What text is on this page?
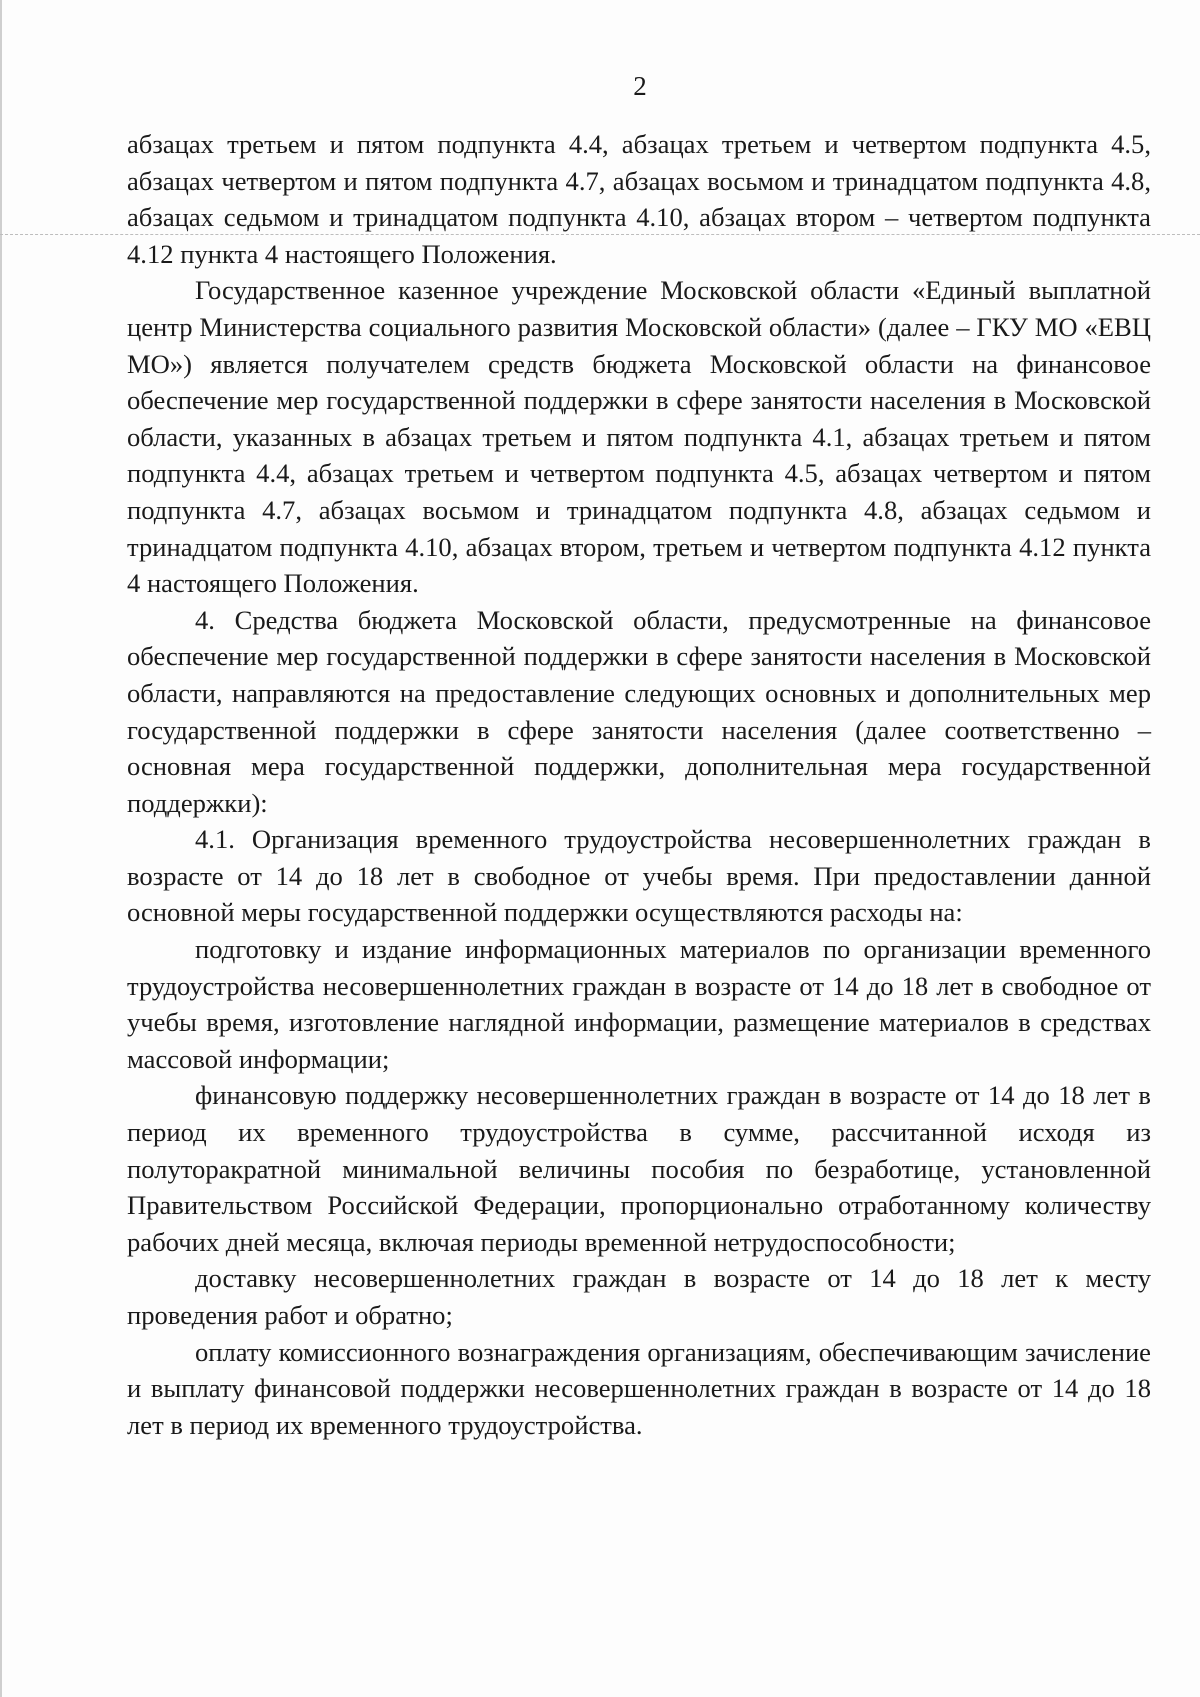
2

абзацах третьем и пятом подпункта 4.4, абзацах третьем и четвертом подпункта 4.5, абзацах четвертом и пятом подпункта 4.7, абзацах восьмом и тринадцатом подпункта 4.8, абзацах седьмом и тринадцатом подпункта 4.10, абзацах втором – четвертом подпункта 4.12 пункта 4 настоящего Положения.

Государственное казенное учреждение Московской области «Единый выплатной центр Министерства социального развития Московской области» (далее – ГКУ МО «ЕВЦ МО») является получателем средств бюджета Московской области на финансовое обеспечение мер государственной поддержки в сфере занятости населения в Московской области, указанных в абзацах третьем и пятом подпункта 4.1, абзацах третьем и пятом подпункта 4.4, абзацах третьем и четвертом подпункта 4.5, абзацах четвертом и пятом подпункта 4.7, абзацах восьмом и тринадцатом подпункта 4.8, абзацах седьмом и тринадцатом подпункта 4.10, абзацах втором, третьем и четвертом подпункта 4.12 пункта 4 настоящего Положения.

4. Средства бюджета Московской области, предусмотренные на финансовое обеспечение мер государственной поддержки в сфере занятости населения в Московской области, направляются на предоставление следующих основных и дополнительных мер государственной поддержки в сфере занятости населения (далее соответственно – основная мера государственной поддержки, дополнительная мера государственной поддержки):

4.1. Организация временного трудоустройства несовершеннолетних граждан в возрасте от 14 до 18 лет в свободное от учебы время. При предоставлении данной основной меры государственной поддержки осуществляются расходы на:

подготовку и издание информационных материалов по организации временного трудоустройства несовершеннолетних граждан в возрасте от 14 до 18 лет в свободное от учебы время, изготовление наглядной информации, размещение материалов в средствах массовой информации;

финансовую поддержку несовершеннолетних граждан в возрасте от 14 до 18 лет в период их временного трудоустройства в сумме, рассчитанной исходя из полуторакратной минимальной величины пособия по безработице, установленной Правительством Российской Федерации, пропорционально отработанному количеству рабочих дней месяца, включая периоды временной нетрудоспособности;

доставку несовершеннолетних граждан в возрасте от 14 до 18 лет к месту проведения работ и обратно;

оплату комиссионного вознаграждения организациям, обеспечивающим зачисление и выплату финансовой поддержки несовершеннолетних граждан в возрасте от 14 до 18 лет в период их временного трудоустройства.
